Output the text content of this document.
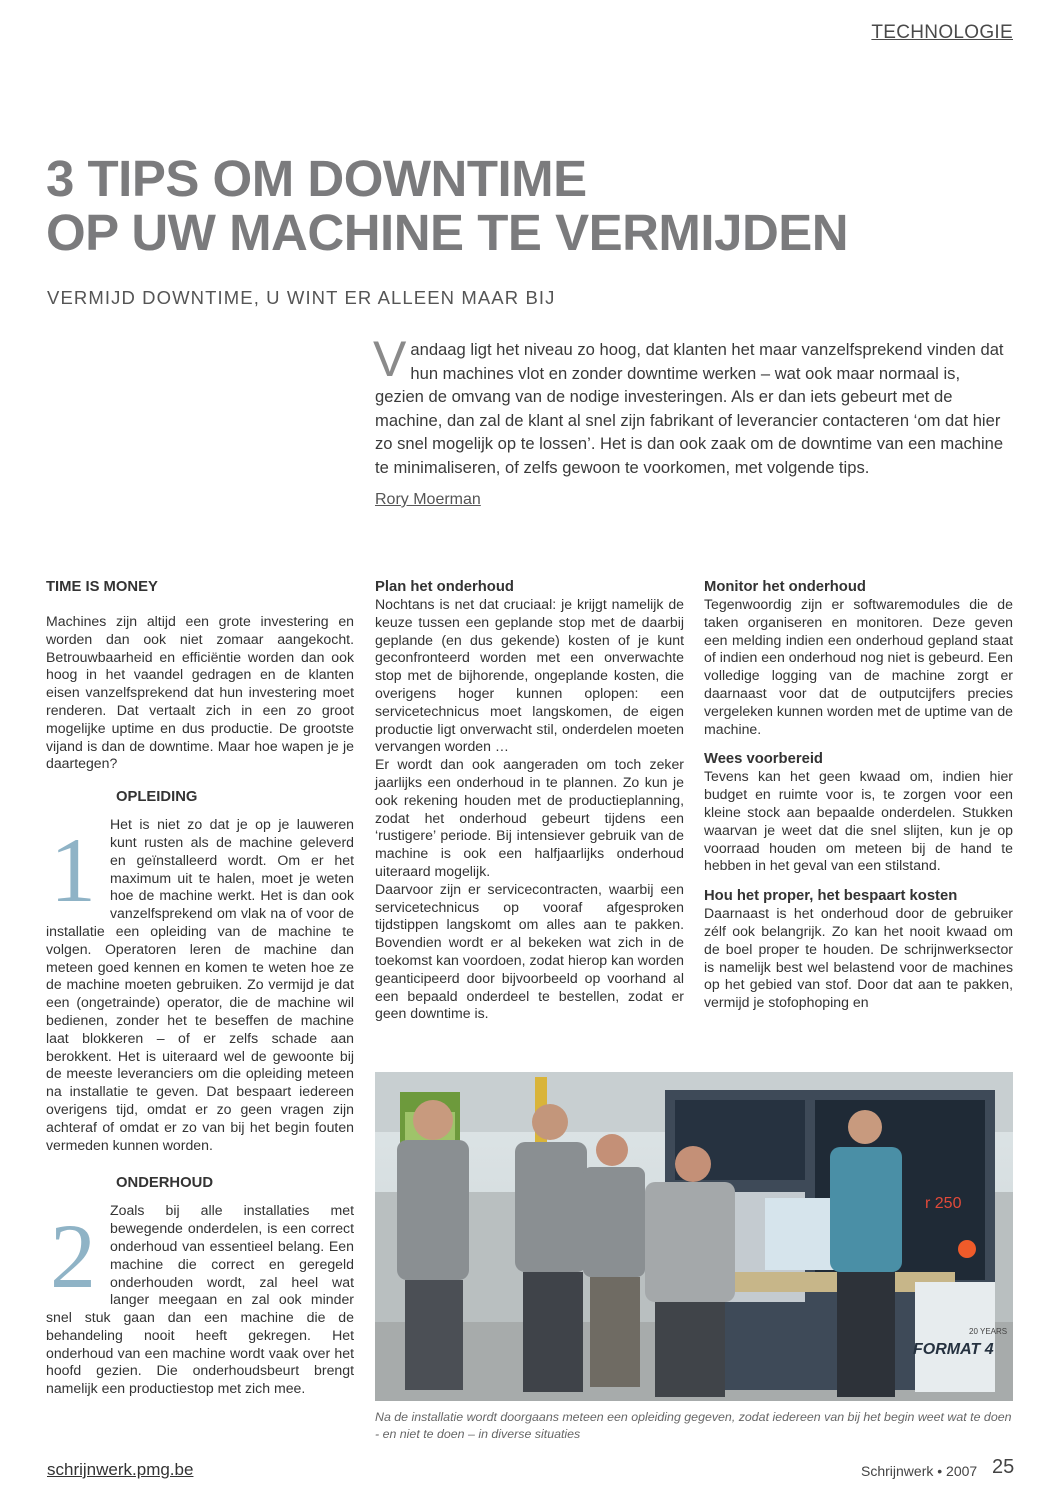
TECHNOLOGIE
3 TIPS OM DOWNTIME
OP UW MACHINE TE VERMIJDEN
VERMIJD DOWNTIME, U WINT ER ALLEEN MAAR BIJ
Vandaag ligt het niveau zo hoog, dat klanten het maar vanzelfsprekend vinden dat hun machines vlot en zonder downtime werken – wat ook maar normaal is, gezien de omvang van de nodige investeringen. Als er dan iets gebeurt met de machine, dan zal de klant al snel zijn fabrikant of leverancier contacteren ‘om dat hier zo snel mogelijk op te lossen’. Het is dan ook zaak om de downtime van een machine te minimaliseren, of zelfs gewoon te voorkomen, met volgende tips.
Rory Moerman
TIME IS MONEY

Machines zijn altijd een grote investering en worden dan ook niet zomaar aangekocht. Betrouwbaarheid en efficiëntie worden dan ook hoog in het vaandel gedragen en de klanten eisen vanzelfsprekend dat hun investering moet renderen. Dat vertaalt zich in een zo groot mogelijke uptime en dus productie. De grootste vijand is dan de downtime. Maar hoe wapen je je daartegen?

OPLEIDING

1 Het is niet zo dat je op je lauweren kunt rusten als de machine geleverd en geïnstalleerd wordt. Om er het maximum uit te halen, moet je weten hoe de machine werkt. Het is dan ook vanzelfsprekend om vlak na of voor de installatie een opleiding van de machine te volgen. Operatoren leren de machine dan meteen goed kennen en komen te weten hoe ze de machine moeten gebruiken. Zo vermijd je dat een (ongetrainde) operator, die de machine wil bedienen, zonder het te beseffen de machine laat blokkeren – of er zelfs schade aan berokkent. Het is uiteraard wel de gewoonte bij de meeste leveranciers om die opleiding meteen na installatie te geven. Dat bespaart iedereen overigens tijd, omdat er zo geen vragen zijn achteraf of omdat er zo van bij het begin fouten vermeden kunnen worden.

ONDERHOUD

2 Zoals bij alle installaties met bewegende onderdelen, is een correct onderhoud van essentieel belang. Een machine die correct en geregeld onderhouden wordt, zal heel wat langer meegaan en zal ook minder snel stuk gaan dan een machine die de behandeling nooit heeft gekregen. Het onderhoud van een machine wordt vaak over het hoofd gezien. Die onderhoudsbeurt brengt namelijk een productiestop met zich mee.

Plan het onderhoud

Nochtans is net dat cruciaal: je krijgt namelijk de keuze tussen een geplande stop met de daarbij geplande (en dus gekende) kosten of je kunt geconfronteerd worden met een onverwachte stop met de bijhorende, ongeplande kosten, die overigens hoger kunnen oplopen: een servicetechnicus moet langskomen, de eigen productie ligt onverwacht stil, onderdelen moeten vervangen worden …

Er wordt dan ook aangeraden om toch zeker jaarlijks een onderhoud in te plannen. Zo kun je ook rekening houden met de productieplanning, zodat het onderhoud gebeurt tijdens een ‘rustigere’ periode. Bij intensiever gebruik van de machine is ook een halfjaarlijks onderhoud uiteraard mogelijk.

Daarvoor zijn er servicecontracten, waarbij een servicetechnicus op vooraf afgesproken tijdstippen langskomt om alles aan te pakken. Bovendien wordt er al bekeken wat zich in de toekomst kan voordoen, zodat hierop kan worden geanticipeerd door bijvoorbeeld op voorhand al een bepaald onderdeel te bestellen, zodat er geen downtime is.

Monitor het onderhoud

Tegenwoordig zijn er softwaremodules die de taken organiseren en monitoren. Deze geven een melding indien een onderhoud gepland staat of indien een onderhoud nog niet is gebeurd. Een volledige logging van de machine zorgt er daarnaast voor dat de outputcijfers precies vergeleken kunnen worden met de uptime van de machine.

Wees voorbereid

Tevens kan het geen kwaad om, indien hier budget en ruimte voor is, te zorgen voor een kleine stock aan bepaalde onderdelen. Stukken waarvan je weet dat die snel slijten, kun je op voorraad houden om meteen bij de hand te hebben in het geval van een stilstand.

Hou het proper, het bespaart kosten

Daarnaast is het onderhoud door de gebruiker zélf ook belangrijk. Zo kan het nooit kwaad om de boel proper te houden. De schrijnwerksector is namelijk best wel belastend voor de machines op het gebied van stof. Door dat aan te pakken, vermijd je stofophoping en

r 250
FORMAT 4
20 YEARS
Na de installatie wordt doorgaans meteen een opleiding gegeven, zodat iedereen van bij het begin weet wat te doen - en niet te doen – in diverse situaties
schrijnwerk.pmg.be	Schrijnwerk • 2007 25
